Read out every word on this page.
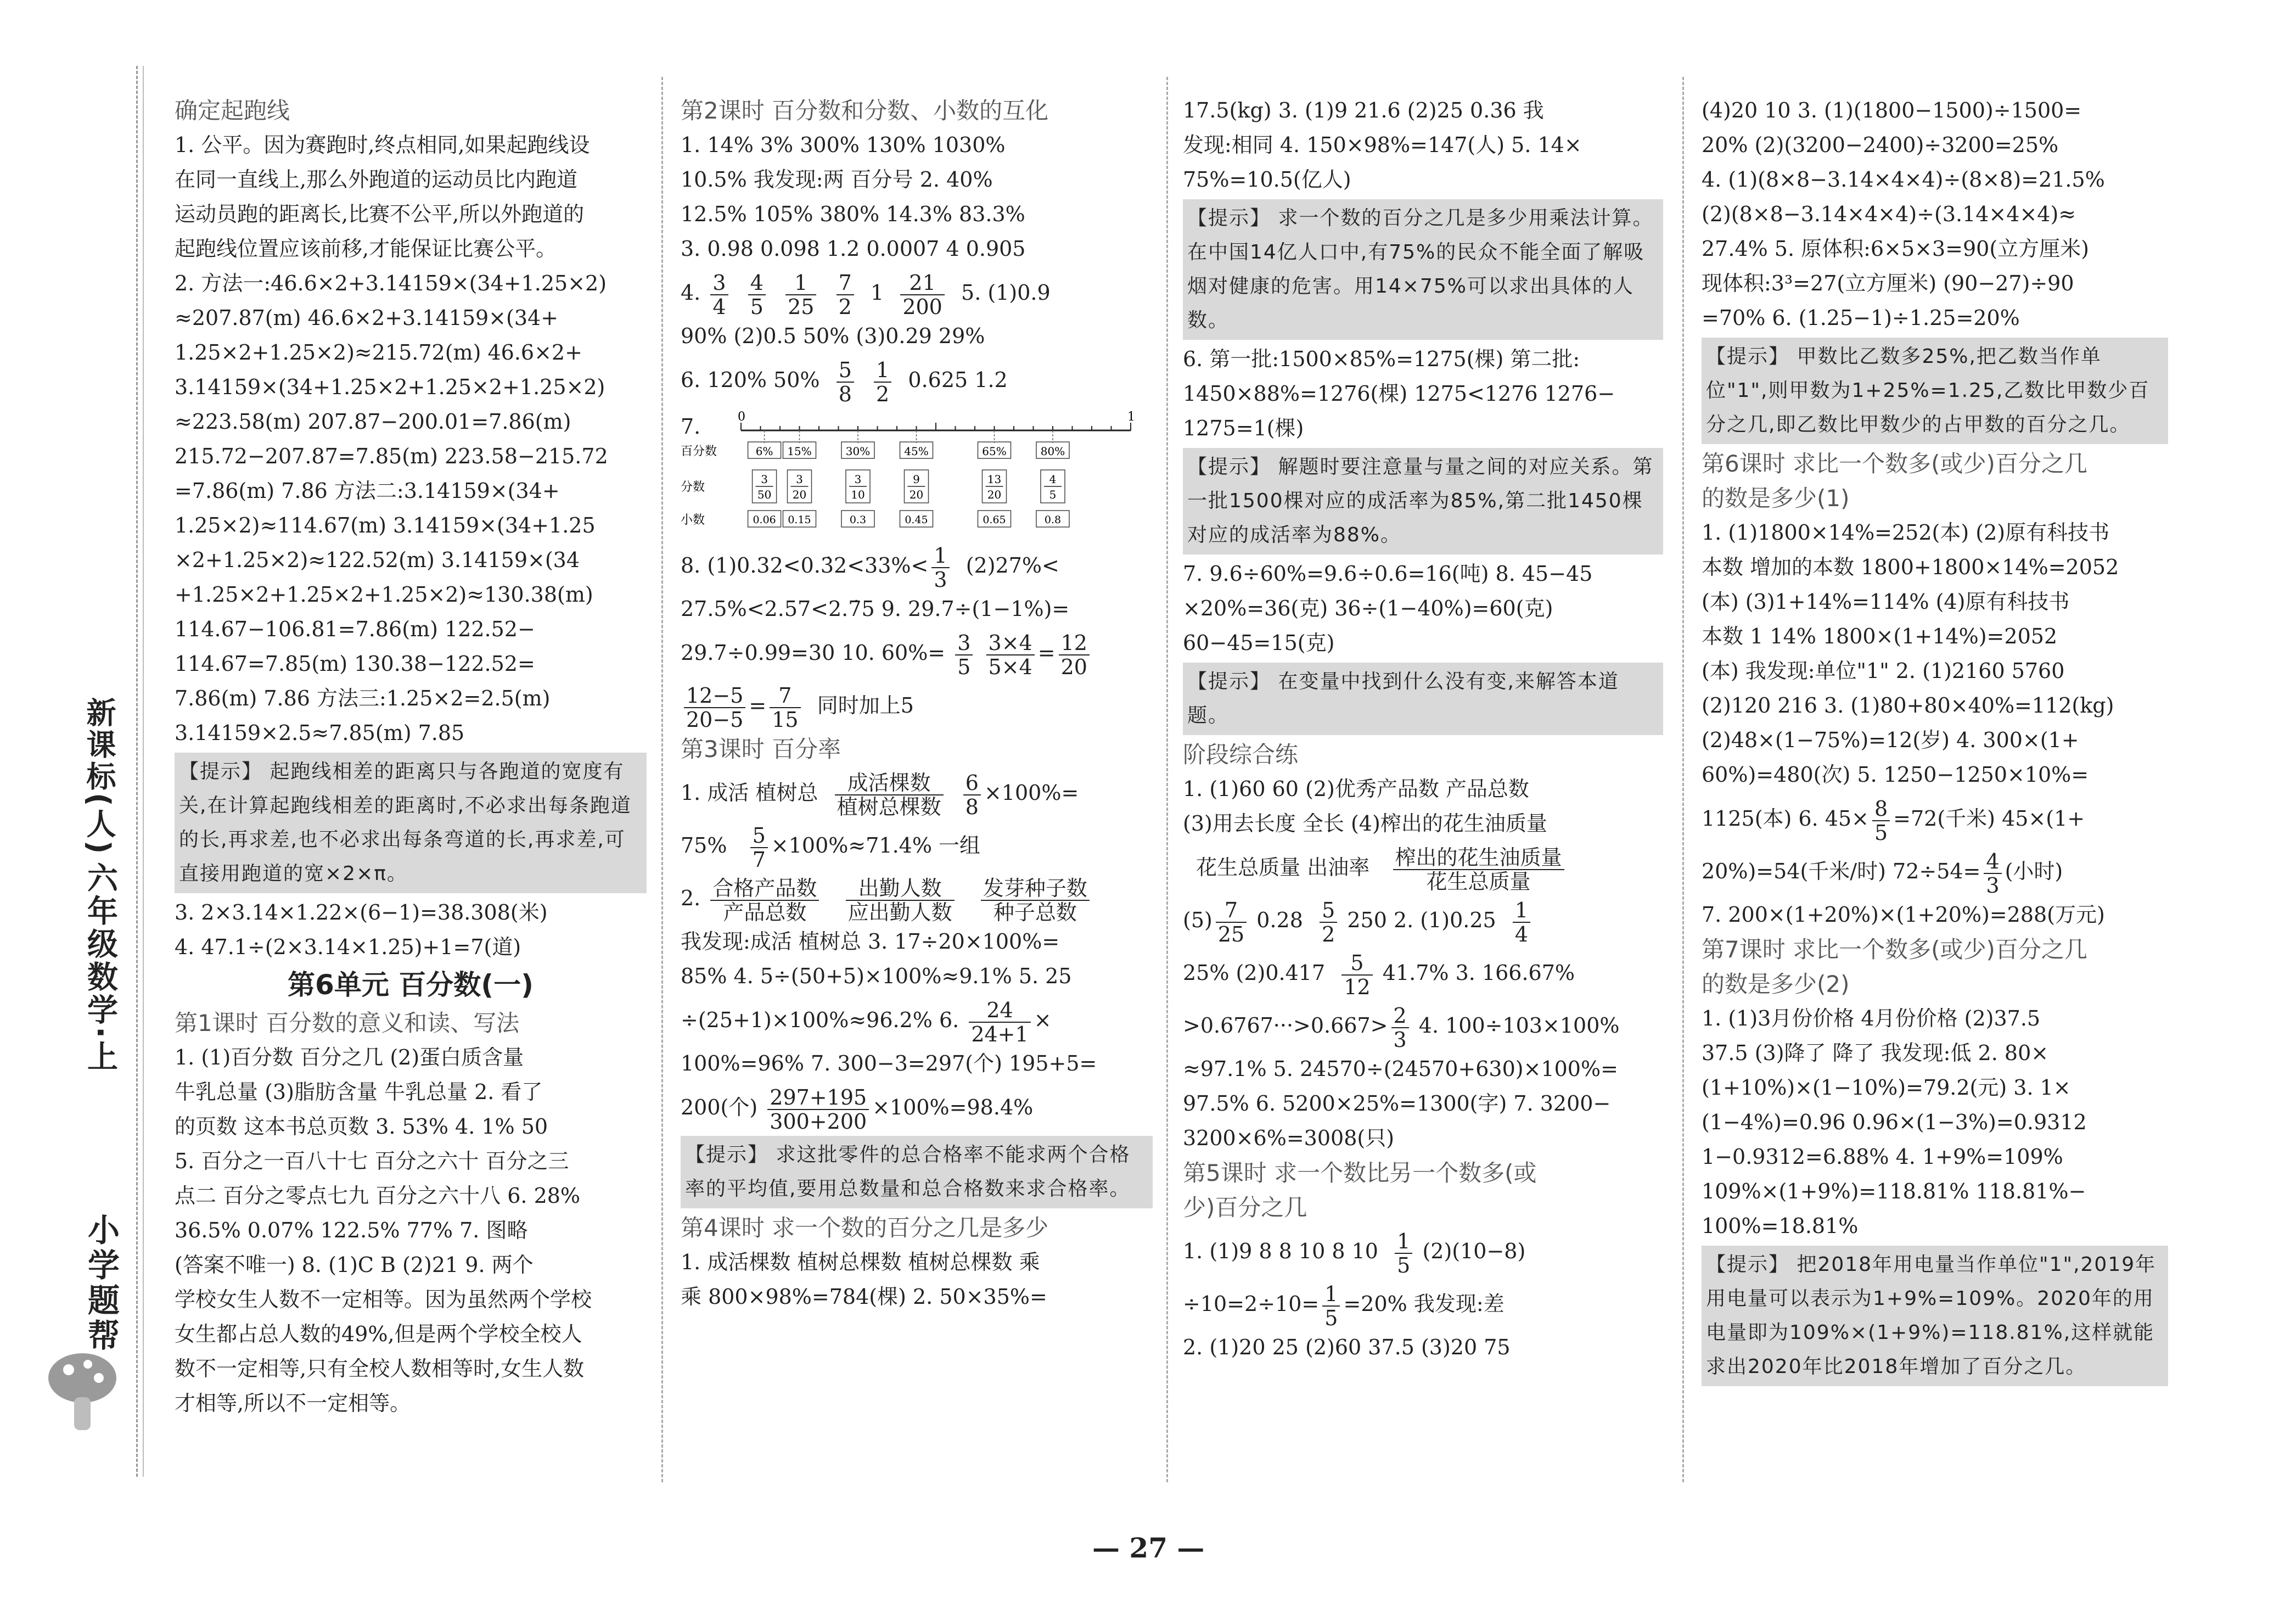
新课标(人)
六年级数学·上
小学题帮
确定起跑线
1. 公平。因为赛跑时,终点相同,如果起跑线设
在同一直线上,那么外跑道的运动员比内跑道
运动员跑的距离长,比赛不公平,所以外跑道的
起跑线位置应该前移,才能保证比赛公平。
2. 方法一:46.6×2+3.14159×(34+1.25×2)
≈207.87(m) 46.6×2+3.14159×(34+
1.25×2+1.25×2)≈215.72(m) 46.6×2+
3.14159×(34+1.25×2+1.25×2+1.25×2)
≈223.58(m) 207.87−200.01=7.86(m)
215.72−207.87=7.85(m) 223.58−215.72
=7.86(m) 7.86 方法二:3.14159×(34+
1.25×2)≈114.67(m) 3.14159×(34+1.25
×2+1.25×2)≈122.52(m) 3.14159×(34
+1.25×2+1.25×2+1.25×2)≈130.38(m)
114.67−106.81=7.86(m) 122.52−
114.67=7.85(m) 130.38−122.52=
7.86(m) 7.86 方法三:1.25×2=2.5(m)
3.14159×2.5≈7.85(m) 7.85
【提示】 起跑线相差的距离只与各跑道的宽度有关,在计算起跑线相差的距离时,不必求出每条跑道的长,再求差,也不必求出每条弯道的长,再求差,可直接用跑道的宽×2×π。
3. 2×3.14×1.22×(6−1)=38.308(米)
4. 47.1÷(2×3.14×1.25)+1=7(道)
第6单元 百分数(一)
第1课时 百分数的意义和读、写法
1. (1)百分数 百分之几 (2)蛋白质含量
牛乳总量 (3)脂肪含量 牛乳总量 2. 看了
的页数 这本书总页数 3. 53% 4. 1% 50
5. 百分之一百八十七 百分之六十 百分之三
点二 百分之零点七九 百分之六十八 6. 28%
36.5% 0.07% 122.5% 77% 7. 图略
(答案不唯一) 8. (1)C B (2)21 9. 两个
学校女生人数不一定相等。因为虽然两个学校
女生都占总人数的49%,但是两个学校全校人
数不一定相等,只有全校人数相等时,女生人数
才相等,所以不一定相等。
第2课时 百分数和分数、小数的互化
1. 14% 3% 300% 130% 1030%
10.5% 我发现:两 百分号 2. 40%
12.5% 105% 380% 14.3% 83.3%
3. 0.98 0.098 1.2 0.0007 4 0.905
4. $\frac{3}{4}$
$\frac{4}{5}$
$\frac{1}{25}$
$\frac{7}{2} 1 \frac{21}{200} 5$. (1)0.9
90% (2)0.5 50% (3)0.29 29%
6. 120% $50\% \frac{5}{8}$
$\frac{1}{2} 0.625$ 1.2
7.	0	1
百分数
分数
小数
6%
3
50
0.06
15%
3
20
0.15
30%
3
10
0.3
45%
9
20
0.45
65%
13
20
0.65
80%
4
5
0.8
8. (1)0.32<0.3̇2<33%< $\frac{1}{3} (2)27\%<$
27.5%<2.57<2.7̇5 9. 29.7÷(1−1%)=
29.7÷0.99=30 10. $60\%= \frac{3}{5}$
$\frac{3\times 4}{5\times 4} = \frac{12}{20}$
$\frac{12-5}{20-5} = \frac{7}{15}$ 同时加上5
第3课时 百分率
1. 成活 植树总 $\frac{\text{成活棵数}}{\text{植树总棵数}}$
$\frac{6}{8} \times 100\%=$
$75\% \frac{5}{7} \times 100\%\approx 71.4\%$ 一组
2. $\frac{\text{合格产品数}}{\text{产品总数}}$
$\frac{\text{出勤人数}}{\text{应出勤人数}}$
$\frac{\text{发芽种子数}}{\text{种子总数}}$
我发现:成活 植树总 3. 17÷20×100%=
85% 4. 5÷(50+5)×100%≈9.1% 5. 25
÷(25+1)×100%≈96.2% 6. $\frac{24}{24+1}$ ×
100%=96% 7. 300−3=297(个) 195+5=
200(个) $\frac{297+195}{300+200} \times 100\%=98.4\%$
【提示】 求这批零件的总合格率不能求两个合格率的平均值,要用总数量和总合格数来求合格率。
第4课时 求一个数的百分之几是多少
1. 成活棵数 植树总棵数 植树总棵数 乘
乘 800×98%=784(棵) 2. 50×35%=
17.5(kg) 3. (1)9 21.6 (2)25 0.36 我
发现:相同 4. 150×98%=147(人) 5. 14×
75%=10.5(亿人)
【提示】 求一个数的百分之几是多少用乘法计算。在中国14亿人口中,有75%的民众不能全面了解吸烟对健康的危害。用14×75%可以求出具体的人数。
6. 第一批:1500×85%=1275(棵) 第二批:
1450×88%=1276(棵) 1275<1276 1276−
1275=1(棵)
【提示】 解题时要注意量与量之间的对应关系。第一批1500棵对应的成活率为85%,第二批1450棵对应的成活率为88%。
7. 9.6÷60%=9.6÷0.6=16(吨) 8. 45−45
×20%=36(克) 36÷(1−40%)=60(克)
60−45=15(克)
【提示】 在变量中找到什么没有变,来解答本道题。
阶段综合练
1. (1)60 60 (2)优秀产品数 产品总数
(3)用去长度 全长 (4)榨出的花生油质量
花生总质量 出油率 $\frac{\text{榨出的花生油质量}}{\text{花生总质量}}$
$(5) \frac{7}{25} 0.28 \frac{5}{2} 250$ 2. $(1)0.25 \frac{1}{4}$
25% $(2)0.417 \frac{5}{12} 41.7\%$ 3. 166.67%
$>0.6767\cdot\cdot\cdot>0.667> \frac{2}{3} 4$. 100÷103×100%
≈97.1% 5. 24570÷(24570+630)×100%=
97.5% 6. 5200×25%=1300(字) 7. 3200−
3200×6%=3008(只)
第5课时 求一个数比另一个数多(或
少)百分之几
1. (1)9 8 8 10 8 $10 \frac{1}{5} (2)(10-8)$
$\div 10=2\div 10= \frac{1}{5} =20\%$ 我发现:差
2. (1)20 25 (2)60 37.5 (3)20 75
(4)20 10 3. (1)(1800−1500)÷1500=
20% (2)(3200−2400)÷3200=25%
4. (1)(8×8−3.14×4×4)÷(8×8)=21.5%
(2)(8×8−3.14×4×4)÷(3.14×4×4)≈
27.4% 5. 原体积:6×5×3=90(立方厘米)
现体积:3³=27(立方厘米) (90−27)÷90
=70% 6. (1.25−1)÷1.25=20%
【提示】 甲数比乙数多25%,把乙数当作单位"1",则甲数为1+25%=1.25,乙数比甲数少百分之几,即乙数比甲数少的占甲数的百分之几。
第6课时 求比一个数多(或少)百分之几
的数是多少(1)
1. (1)1800×14%=252(本) (2)原有科技书
本数 增加的本数 1800+1800×14%=2052
(本) (3)1+14%=114% (4)原有科技书
本数 1 14% 1800×(1+14%)=2052
(本) 我发现:单位"1" 2. (1)2160 5760
(2)120 216 3. (1)80+80×40%=112(kg)
(2)48×(1−75%)=12(岁) 4. 300×(1+
60%)=480(次) 5. 1250−1250×10%=
1125(本) 6. $45\times \frac{8}{5} =72$(千米) 45×(1+
20%)=54(千米/时) $72\div 54= \frac{4}{3}$ (小时)
7. 200×(1+20%)×(1+20%)=288(万元)
第7课时 求比一个数多(或少)百分之几
的数是多少(2)
1. (1)3月份价格 4月份价格 (2)37.5
37.5 (3)降了 降了 我发现:低 2. 80×
(1+10%)×(1−10%)=79.2(元) 3. 1×
(1−4%)=0.96 0.96×(1−3%)=0.9312
1−0.9312=6.88% 4. 1+9%=109%
109%×(1+9%)=118.81% 118.81%−
100%=18.81%
【提示】 把2018年用电量当作单位"1",2019年用电量可以表示为1+9%=109%。2020年的用电量即为109%×(1+9%)=118.81%,这样就能求出2020年比2018年增加了百分之几。
— 27 —
